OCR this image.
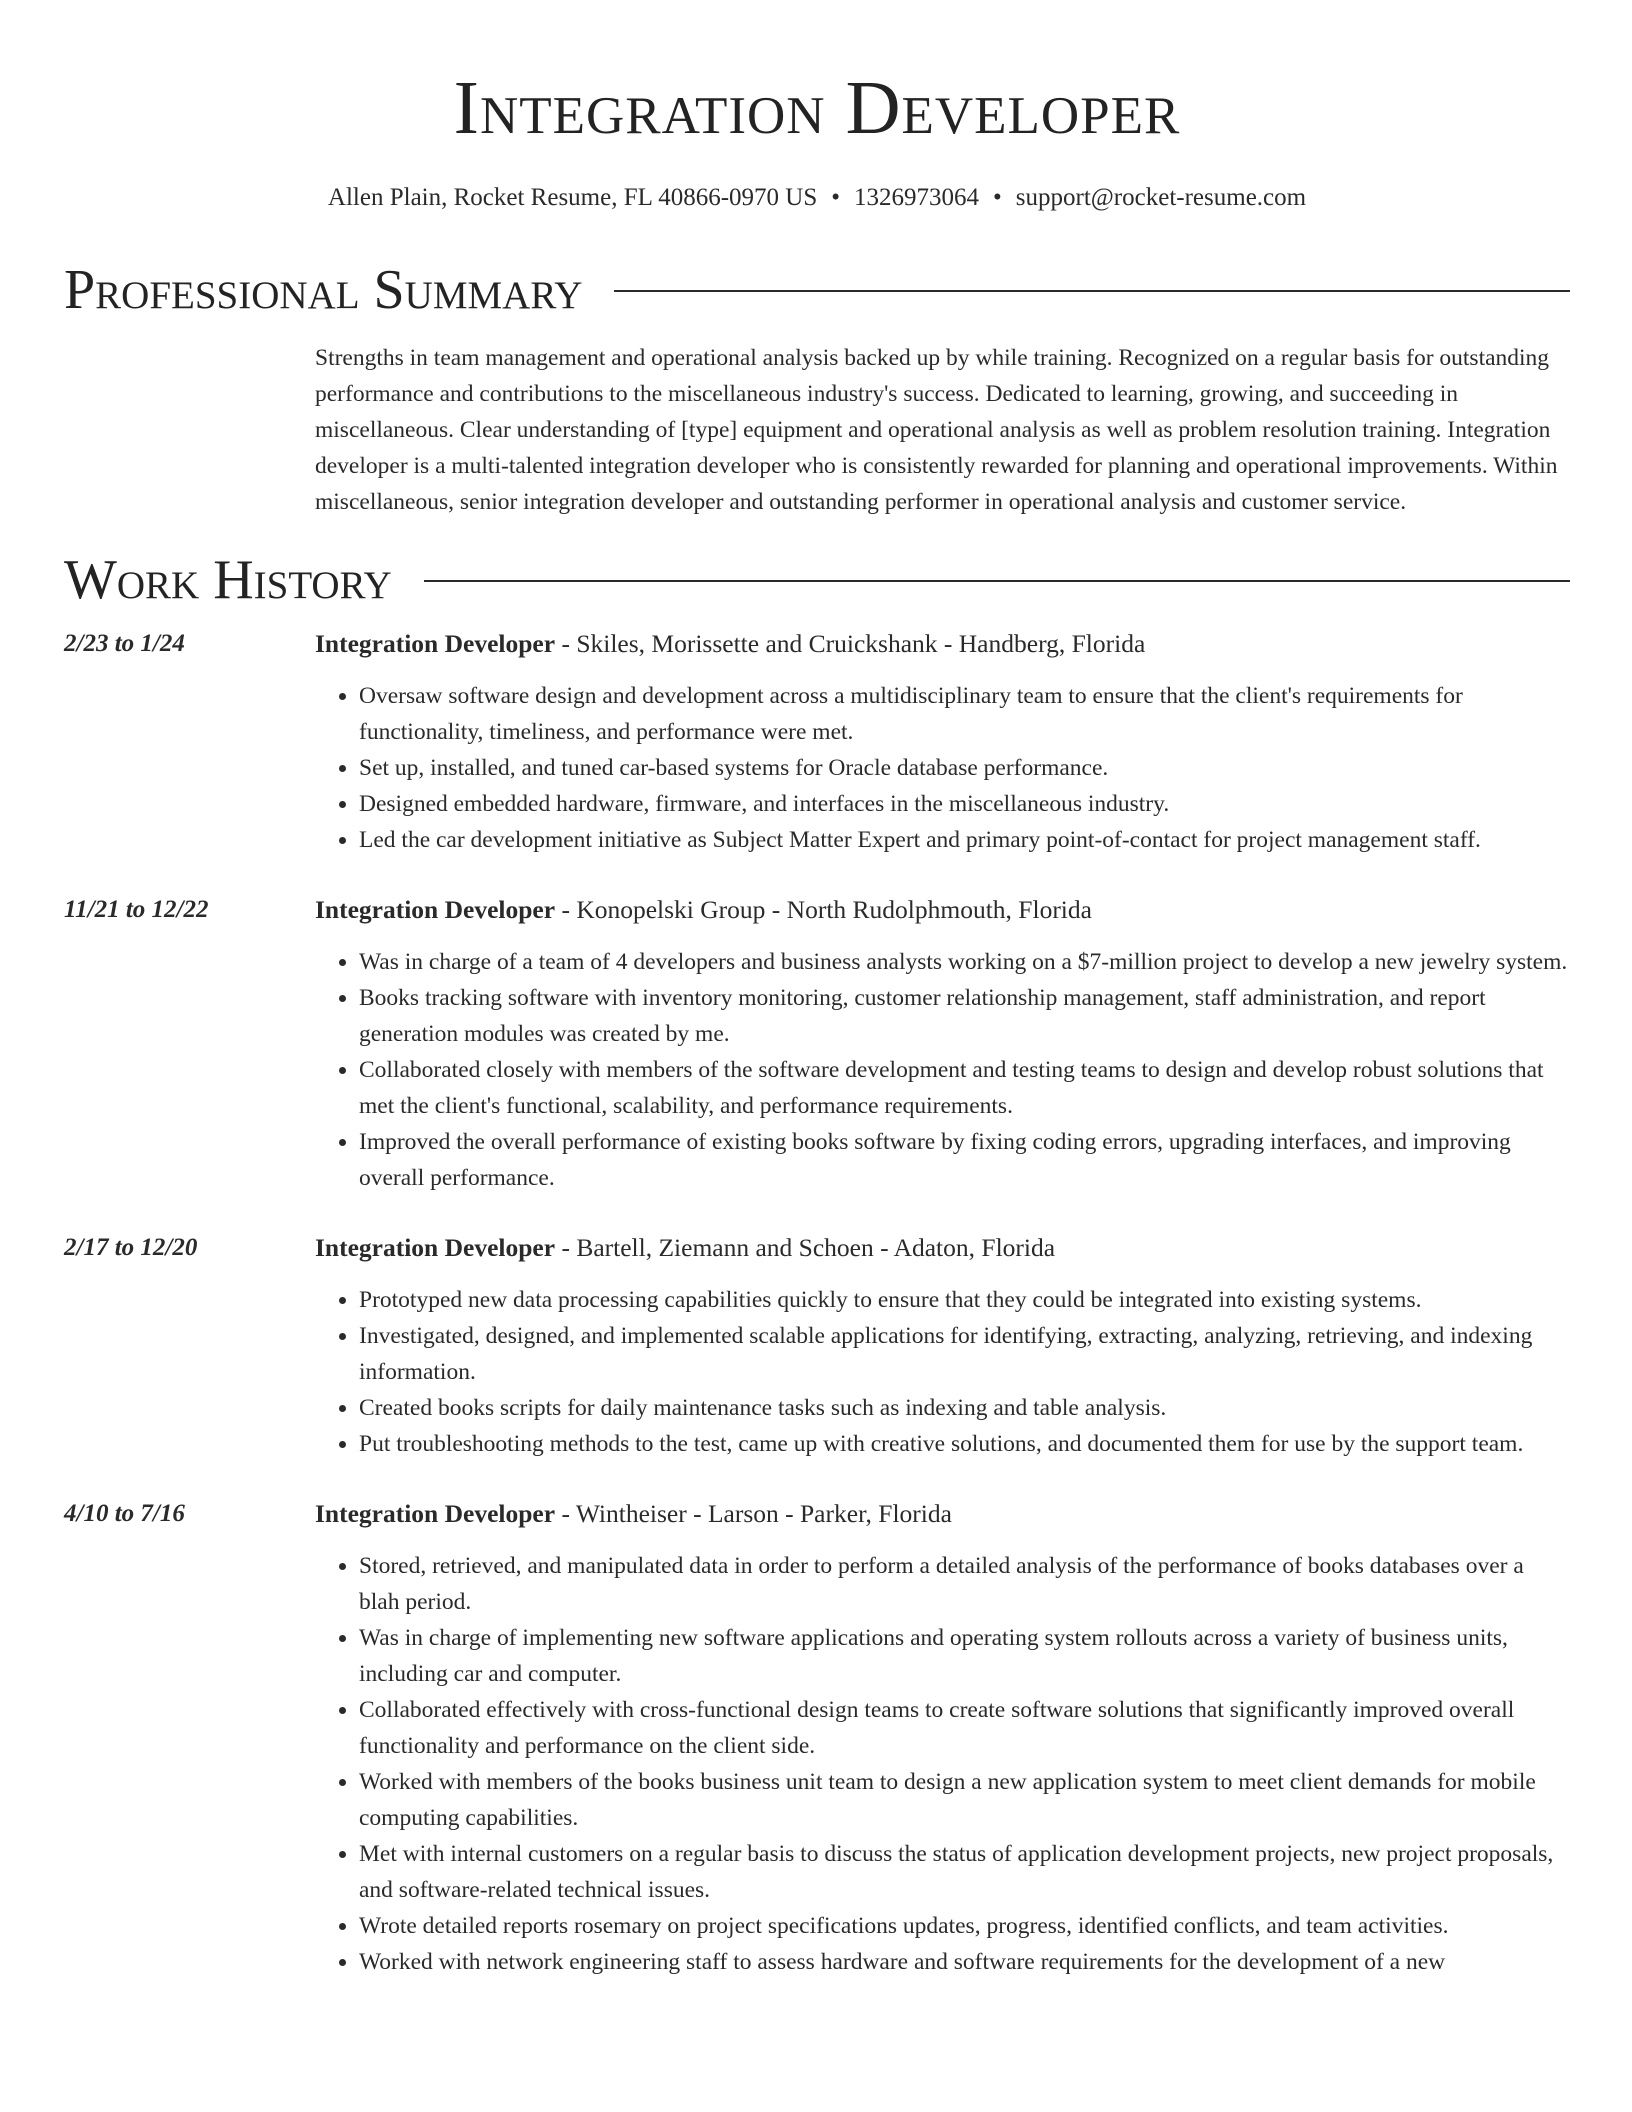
Integration Developer
Allen Plain, Rocket Resume, FL 40866-0970 US • 1326973064 • support@rocket-resume.com
Professional Summary
Strengths in team management and operational analysis backed up by while training. Recognized on a regular basis for outstanding performance and contributions to the miscellaneous industry's success. Dedicated to learning, growing, and succeeding in miscellaneous. Clear understanding of [type] equipment and operational analysis as well as problem resolution training. Integration developer is a multi-talented integration developer who is consistently rewarded for planning and operational improvements. Within miscellaneous, senior integration developer and outstanding performer in operational analysis and customer service.
Work History
2/23 to 1/24	Integration Developer - Skiles, Morissette and Cruickshank - Handberg, Florida
• Oversaw software design and development across a multidisciplinary team to ensure that the client's requirements for functionality, timeliness, and performance were met.
• Set up, installed, and tuned car-based systems for Oracle database performance.
• Designed embedded hardware, firmware, and interfaces in the miscellaneous industry.
• Led the car development initiative as Subject Matter Expert and primary point-of-contact for project management staff.
11/21 to 12/22	Integration Developer - Konopelski Group - North Rudolphmouth, Florida
• Was in charge of a team of 4 developers and business analysts working on a $7-million project to develop a new jewelry system.
• Books tracking software with inventory monitoring, customer relationship management, staff administration, and report generation modules was created by me.
• Collaborated closely with members of the software development and testing teams to design and develop robust solutions that met the client's functional, scalability, and performance requirements.
• Improved the overall performance of existing books software by fixing coding errors, upgrading interfaces, and improving overall performance.
2/17 to 12/20	Integration Developer - Bartell, Ziemann and Schoen - Adaton, Florida
• Prototyped new data processing capabilities quickly to ensure that they could be integrated into existing systems.
• Investigated, designed, and implemented scalable applications for identifying, extracting, analyzing, retrieving, and indexing information.
• Created books scripts for daily maintenance tasks such as indexing and table analysis.
• Put troubleshooting methods to the test, came up with creative solutions, and documented them for use by the support team.
4/10 to 7/16	Integration Developer - Wintheiser - Larson - Parker, Florida
• Stored, retrieved, and manipulated data in order to perform a detailed analysis of the performance of books databases over a blah period.
• Was in charge of implementing new software applications and operating system rollouts across a variety of business units, including car and computer.
• Collaborated effectively with cross-functional design teams to create software solutions that significantly improved overall functionality and performance on the client side.
• Worked with members of the books business unit team to design a new application system to meet client demands for mobile computing capabilities.
• Met with internal customers on a regular basis to discuss the status of application development projects, new project proposals, and software-related technical issues.
• Wrote detailed reports rosemary on project specifications updates, progress, identified conflicts, and team activities.
• Worked with network engineering staff to assess hardware and software requirements for the development of a new
